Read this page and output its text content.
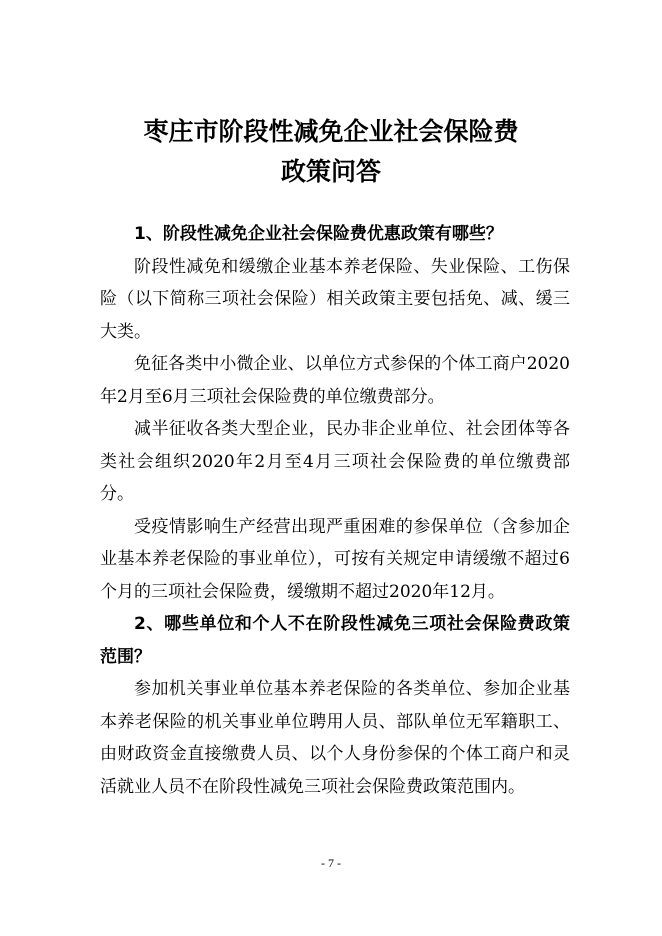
枣庄市阶段性减免企业社会保险费
政策问答

1、阶段性减免企业社会保险费优惠政策有哪些？

阶段性减免和缓缴企业基本养老保险、失业保险、工伤保险（以下简称三项社会保险）相关政策主要包括免、减、缓三大类。

免征各类中小微企业、以单位方式参保的个体工商户2020年2月至6月三项社会保险费的单位缴费部分。

减半征收各类大型企业，民办非企业单位、社会团体等各类社会组织2020年2月至4月三项社会保险费的单位缴费部分。

受疫情影响生产经营出现严重困难的参保单位（含参加企业基本养老保险的事业单位），可按有关规定申请缓缴不超过6个月的三项社会保险费，缓缴期不超过2020年12月。

2、哪些单位和个人不在阶段性减免三项社会保险费政策范围？

参加机关事业单位基本养老保险的各类单位、参加企业基本养老保险的机关事业单位聘用人员、部队单位无军籍职工、由财政资金直接缴费人员、以个人身份参保的个体工商户和灵活就业人员不在阶段性减免三项社会保险费政策范围内。

- 7 -
